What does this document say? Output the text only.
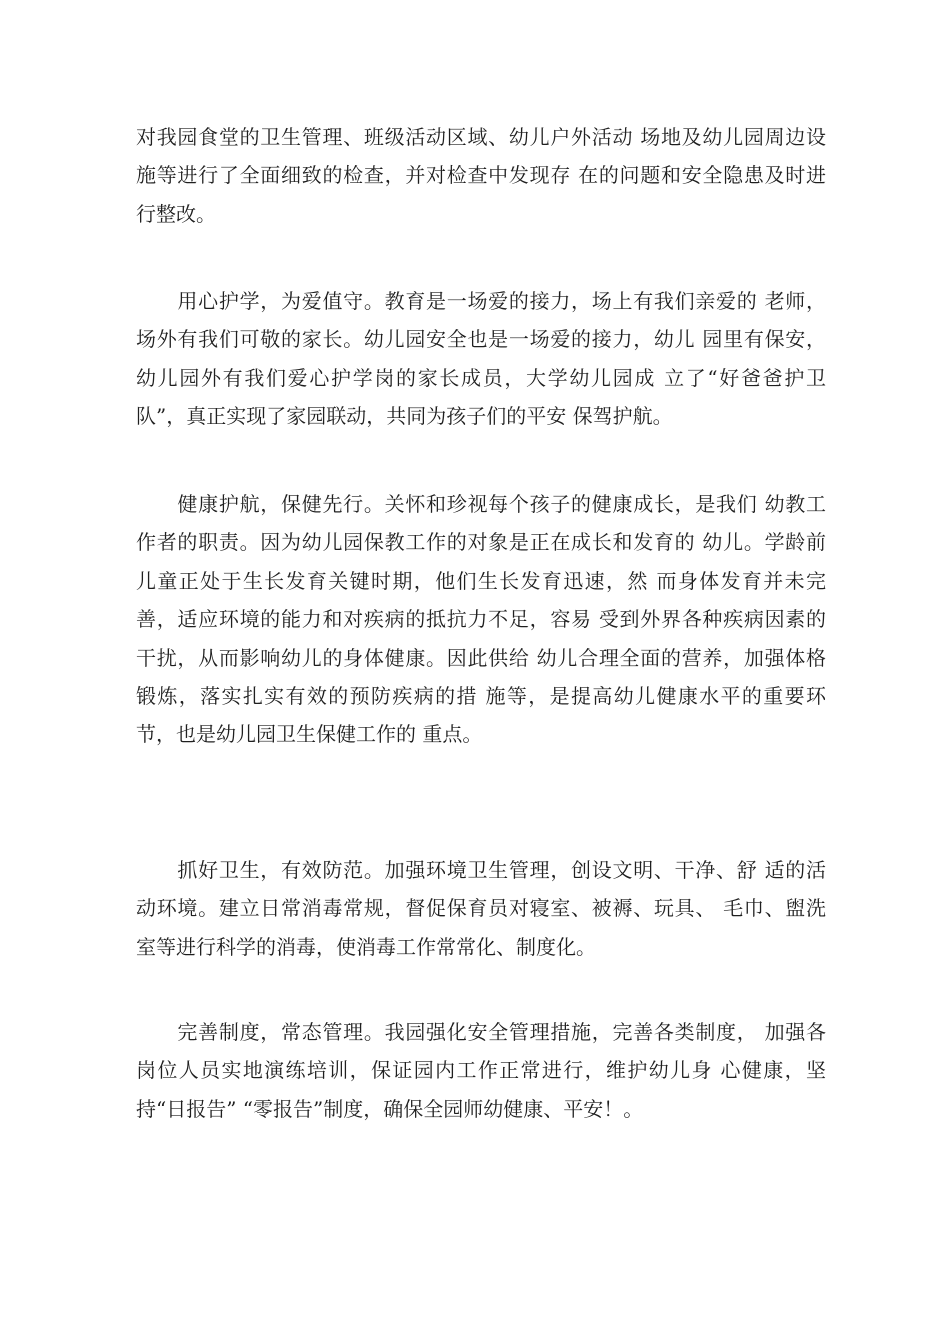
对我园食堂的卫生管理、班级活动区域、幼儿户外活动 场地及幼儿园周边设
施等进行了全面细致的检查，并对检查中发现存 在的问题和安全隐患及时进
行整改。
　　用心护学，为爱值守。教育是一场爱的接力，场上有我们亲爱的 老师，
场外有我们可敬的家长。幼儿园安全也是一场爱的接力，幼儿 园里有保安，
幼儿园外有我们爱心护学岗的家长成员，大学幼儿园成 立了“好爸爸护卫
队”，真正实现了家园联动，共同为孩子们的平安 保驾护航。
　　健康护航，保健先行。关怀和珍视每个孩子的健康成长，是我们 幼教工
作者的职责。因为幼儿园保教工作的对象是正在成长和发育的 幼儿。学龄前
儿童正处于生长发育关键时期，他们生长发育迅速，然 而身体发育并未完
善，适应环境的能力和对疾病的抵抗力不足，容易 受到外界各种疾病因素的
干扰，从而影响幼儿的身体健康。因此供给 幼儿合理全面的营养，加强体格
锻炼，落实扎实有效的预防疾病的措 施等，是提高幼儿健康水平的重要环
节，也是幼儿园卫生保健工作的 重点。
　　抓好卫生，有效防范。加强环境卫生管理，创设文明、干净、舒 适的活
动环境。建立日常消毒常规，督促保育员对寝室、被褥、玩具、 毛巾、盥洗
室等进行科学的消毒，使消毒工作常常化、制度化。
　　完善制度，常态管理。我园强化安全管理措施，完善各类制度， 加强各
岗位人员实地演练培训，保证园内工作正常进行，维护幼儿身 心健康，坚
持“日报告” “零报告”制度，确保全园师幼健康、平安！。
